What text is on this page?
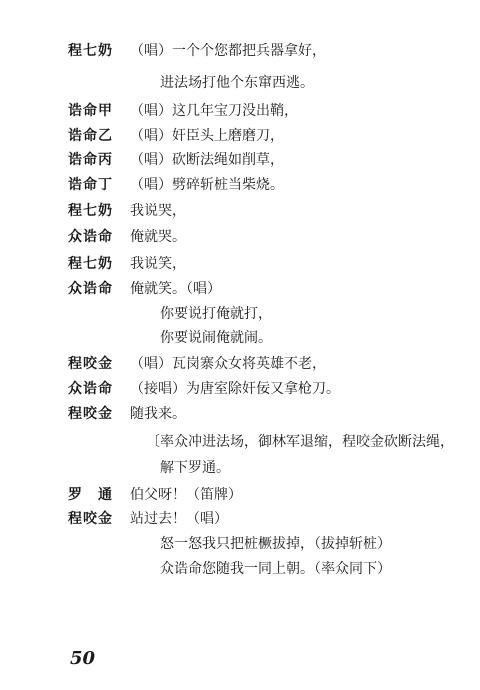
程七奶 （唱）一个个您都把兵器拿好，
进法场打他个东窜西逃。
诰命甲 （唱）这几年宝刀没出鞘，
诰命乙 （唱）奸臣头上磨磨刀，
诰命丙 （唱）砍断法绳如削草，
诰命丁 （唱）劈碎斩桩当柴烧。
程七奶 我说哭，
众诰命 俺就哭。
程七奶 我说笑，
众诰命 俺就笑。（唱）
你要说打俺就打，
你要说闹俺就闹。
程咬金 （唱）瓦岗寨众女将英雄不老，
众诰命 （接唱）为唐室除奸佞又拿枪刀。
程咬金 随我来。
〔率众冲进法场，御林军退缩，程咬金砍断法绳，
解下罗通。
罗　通 伯父呀！（笛牌）
程咬金 站过去！（唱）
怒一怒我只把桩橛拔掉，（拔掉斩桩）
众诰命您随我一同上朝。（率众同下）
50
